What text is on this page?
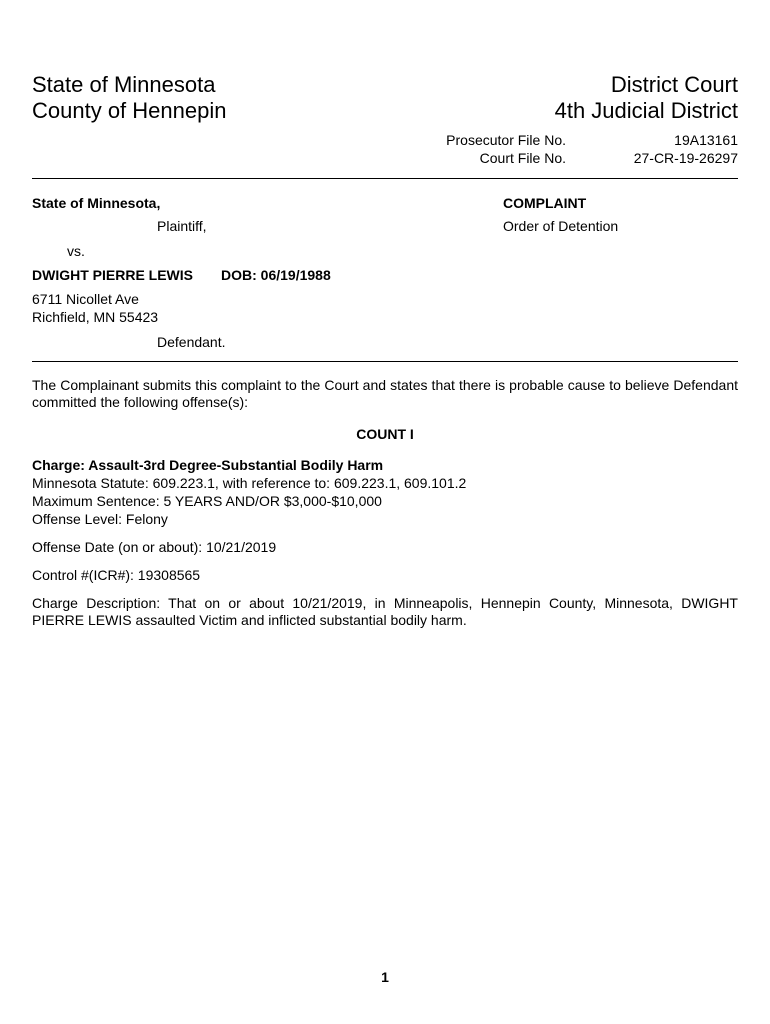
State of Minnesota
County of Hennepin
District Court
4th Judicial District
Prosecutor File No.	19A13161
Court File No.	27-CR-19-26297
State of Minnesota,
Plaintiff,
vs.
DWIGHT PIERRE LEWIS DOB: 06/19/1988
6711 Nicollet Ave
Richfield, MN 55423
Defendant.
COMPLAINT
Order of Detention
The Complainant submits this complaint to the Court and states that there is probable cause to believe Defendant committed the following offense(s):
COUNT I
Charge: Assault-3rd Degree-Substantial Bodily Harm
Minnesota Statute: 609.223.1, with reference to: 609.223.1, 609.101.2
Maximum Sentence: 5 YEARS AND/OR $3,000-$10,000
Offense Level: Felony
Offense Date (on or about): 10/21/2019
Control #(ICR#): 19308565
Charge Description: That on or about 10/21/2019, in Minneapolis, Hennepin County, Minnesota, DWIGHT PIERRE LEWIS assaulted Victim and inflicted substantial bodily harm.
1
